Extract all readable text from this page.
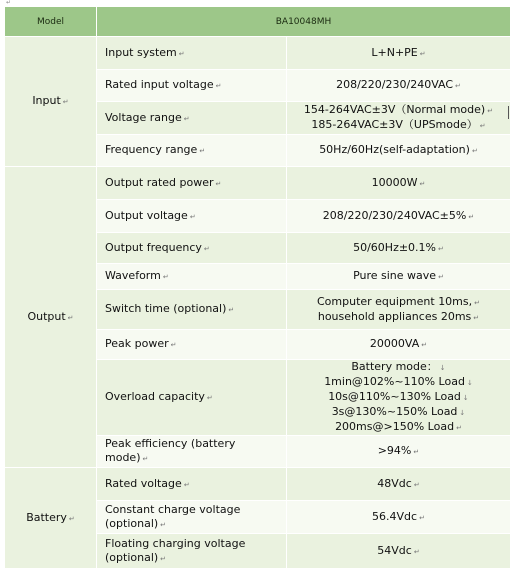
↵
Model	BA10048MH	
Input ↵	Input system ↵	L+N+PE ↵

	Rated input voltage ↵	208/220/230/240VAC ↵

	Voltage range ↵	154-264VAC±3V（Normal mode) ↵
185-264VAC±3V（UPSmode） ↵

	Frequency range ↵	50Hz/60Hz(self-adaptation) ↵

Output ↵	Output rated power ↵	10000W ↵

	Output voltage ↵	208/220/230/240VAC±5% ↵

	Output frequency ↵	50/60Hz±0.1% ↵

	Waveform ↵	Pure sine wave ↵

	Switch time (optional) ↵	Computer equipment 10ms, ↵
household appliances 20ms ↵

	Peak power ↵	20000VA ↵

	Overload capacity ↵	Battery mode： ↓
1min@102%~110% Load ↓
10s@110%~130% Load ↓
3s@130%~150% Load ↓
200ms@>150% Load ↵

	Peak efficiency (battery mode) ↵	>94% ↵

Battery ↵	Rated voltage ↵	48Vdc ↵

	Constant charge voltage (optional) ↵	56.4Vdc ↵

	Floating charging voltage (optional) ↵	54Vdc ↵
